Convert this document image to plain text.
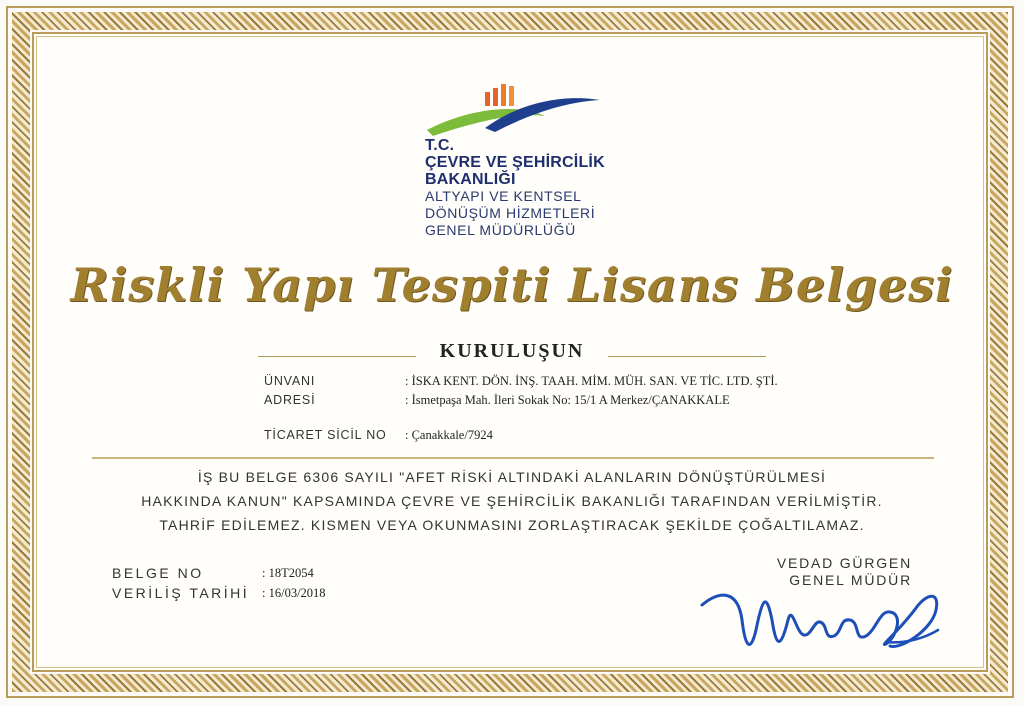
T.C.
ÇEVRE VE ŞEHİRCİLİK
BAKANLIĞI
ALTYAPI VE KENTSEL
DÖNÜŞÜM HİZMETLERİ
GENEL MÜDÜRLÜĞÜ
Riskli Yapı Tespiti Lisans Belgesi
KURULUŞUN
ÜNVANI	: İSKA KENT. DÖN. İNŞ. TAAH. MİM. MÜH. SAN. VE TİC. LTD. ŞTİ.
ADRESİ	: İsmetpaşa Mah. İleri Sokak No: 15/1 A Merkez/ÇANAKKALE
TİCARET SİCİL NO : Çanakkale/7924
İŞ BU BELGE 6306 SAYILI "AFET RİSKİ ALTINDAKİ ALANLARIN DÖNÜŞTÜRÜLMESİ
HAKKINDA KANUN" KAPSAMINDA ÇEVRE VE ŞEHİRCİLİK BAKANLIĞI TARAFINDAN VERİLMİŞTİR.
TAHRİF EDİLEMEZ. KISMEN VEYA OKUNMASINI ZORLAŞTIRACAK ŞEKİLDE ÇOĞALTILAMAZ.
BELGE NO	: 18T2054
VERİLİŞ TARİHİ : 16/03/2018
VEDAD GÜRGEN
GENEL MÜDÜR
